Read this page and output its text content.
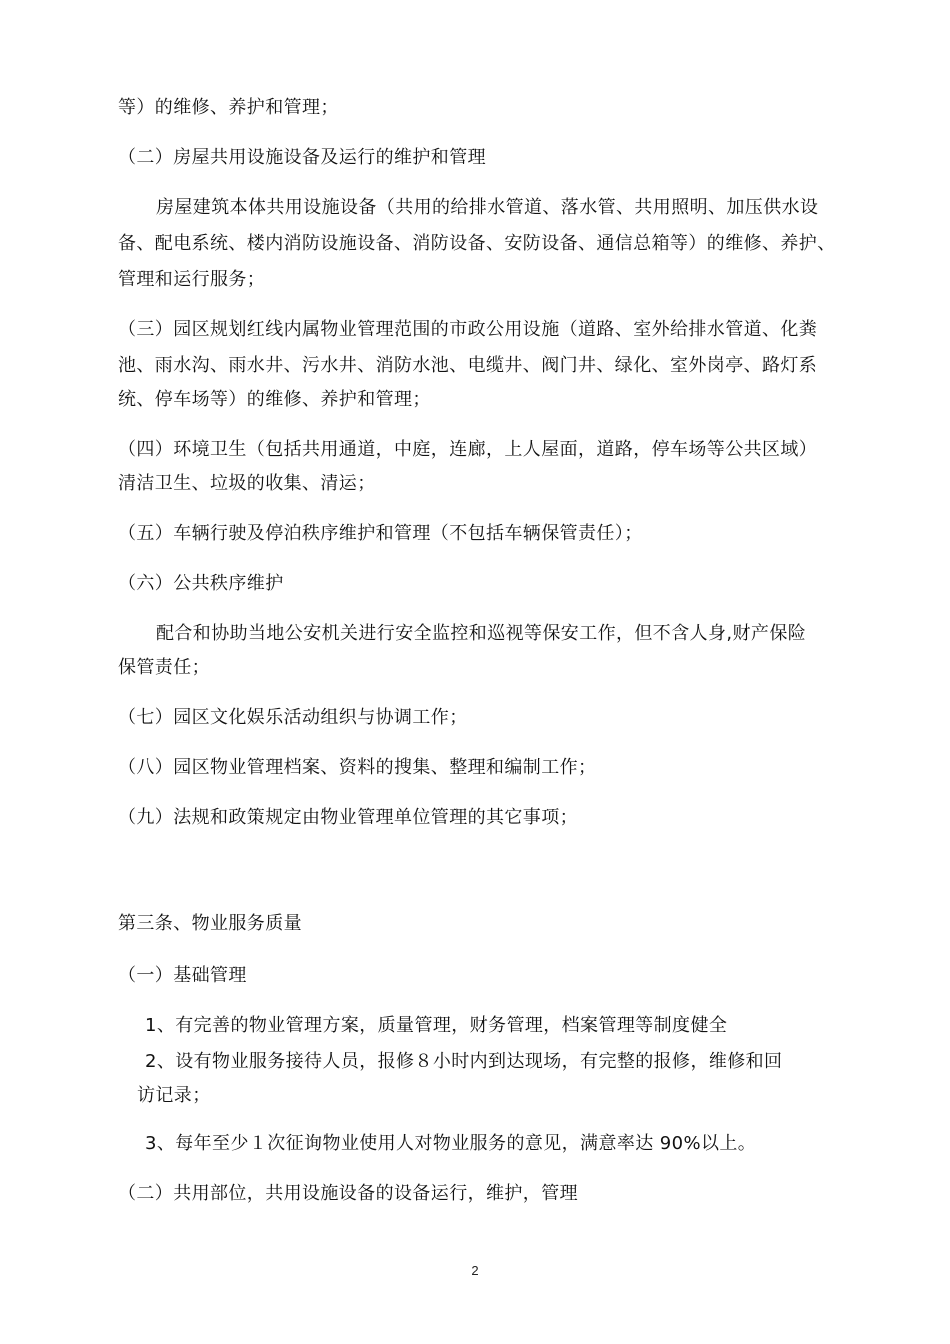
等）的维修、养护和管理；
（二）房屋共用设施设备及运行的维护和管理
房屋建筑本体共用设施设备（共用的给排水管道、落水管、共用照明、加压供水设
备、配电系统、楼内消防设施设备、消防设备、安防设备、通信总箱等）的维修、养护、
管理和运行服务；
（三）园区规划红线内属物业管理范围的市政公用设施（道路、室外给排水管道、化粪
池、雨水沟、雨水井、污水井、消防水池、电缆井、阀门井、绿化、室外岗亭、路灯系
统、停车场等）的维修、养护和管理；
（四）环境卫生（包括共用通道，中庭，连廊，上人屋面，道路，停车场等公共区域）
清洁卫生、垃圾的收集、清运；
（五）车辆行驶及停泊秩序维护和管理（不包括车辆保管责任）；
（六）公共秩序维护
配合和协助当地公安机关进行安全监控和巡视等保安工作，但不含人身,财产保险
保管责任；
（七）园区文化娱乐活动组织与协调工作；
（八）园区物业管理档案、资料的搜集、整理和编制工作；
（九）法规和政策规定由物业管理单位管理的其它事项；
第三条、物业服务质量
（一）基础管理
1、有完善的物业管理方案，质量管理，财务管理，档案管理等制度健全
2、设有物业服务接待人员，报修８小时内到达现场，有完整的报修，维修和回
访记录；
3、每年至少１次征询物业使用人对物业服务的意见，满意率达 90%以上。
（二）共用部位，共用设施设备的设备运行，维护，管理
2
